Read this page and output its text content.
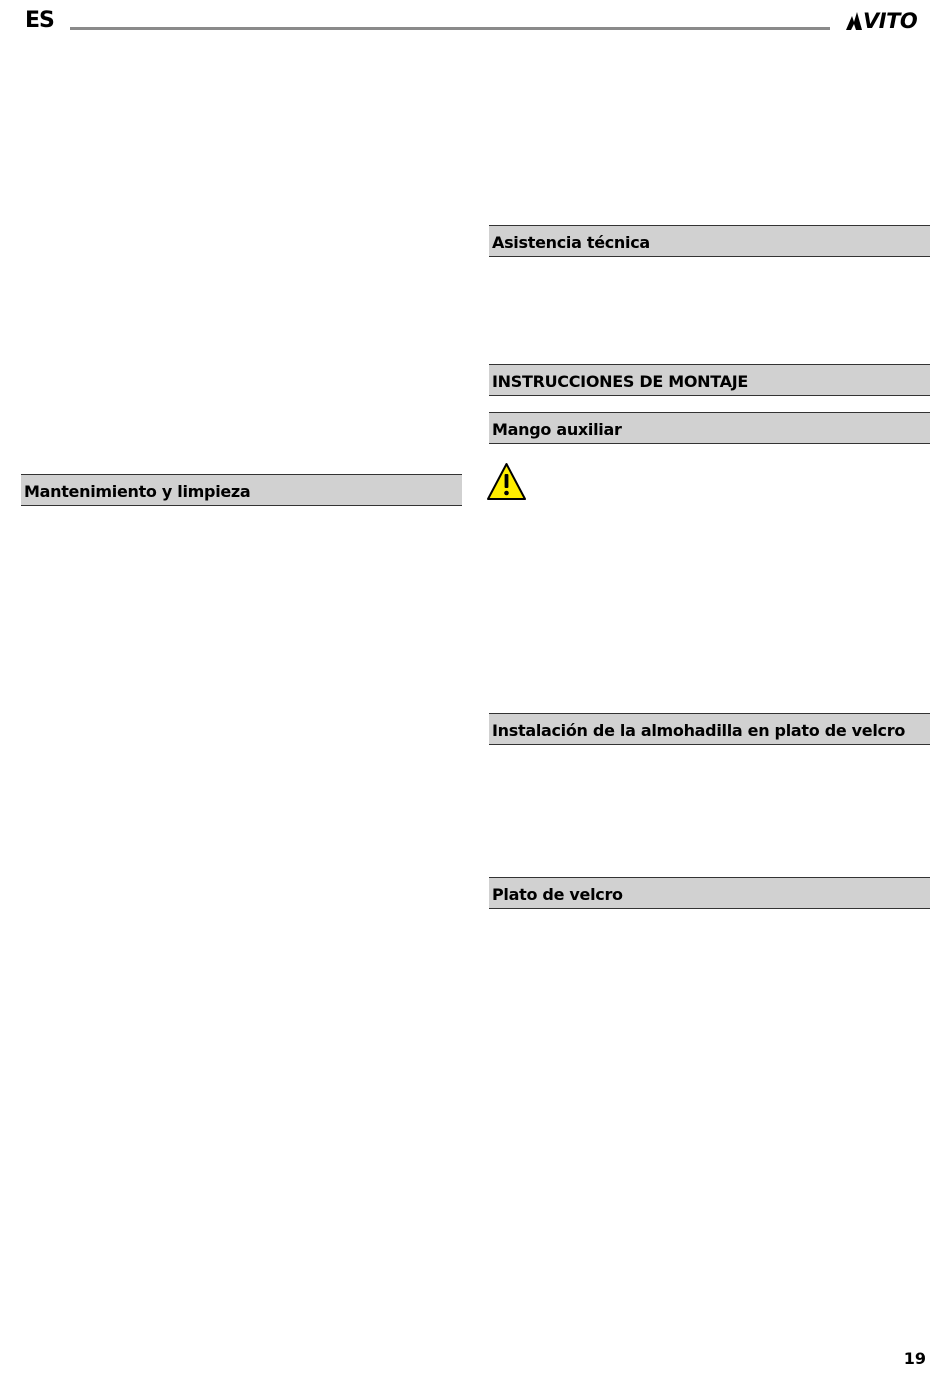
ES	VITO
Mantenimiento y limpieza
Asistencia técnica
INSTRUCCIONES DE MONTAJE
Mango auxiliar
Instalación de la almohadilla en plato de velcro
Plato de velcro
19
